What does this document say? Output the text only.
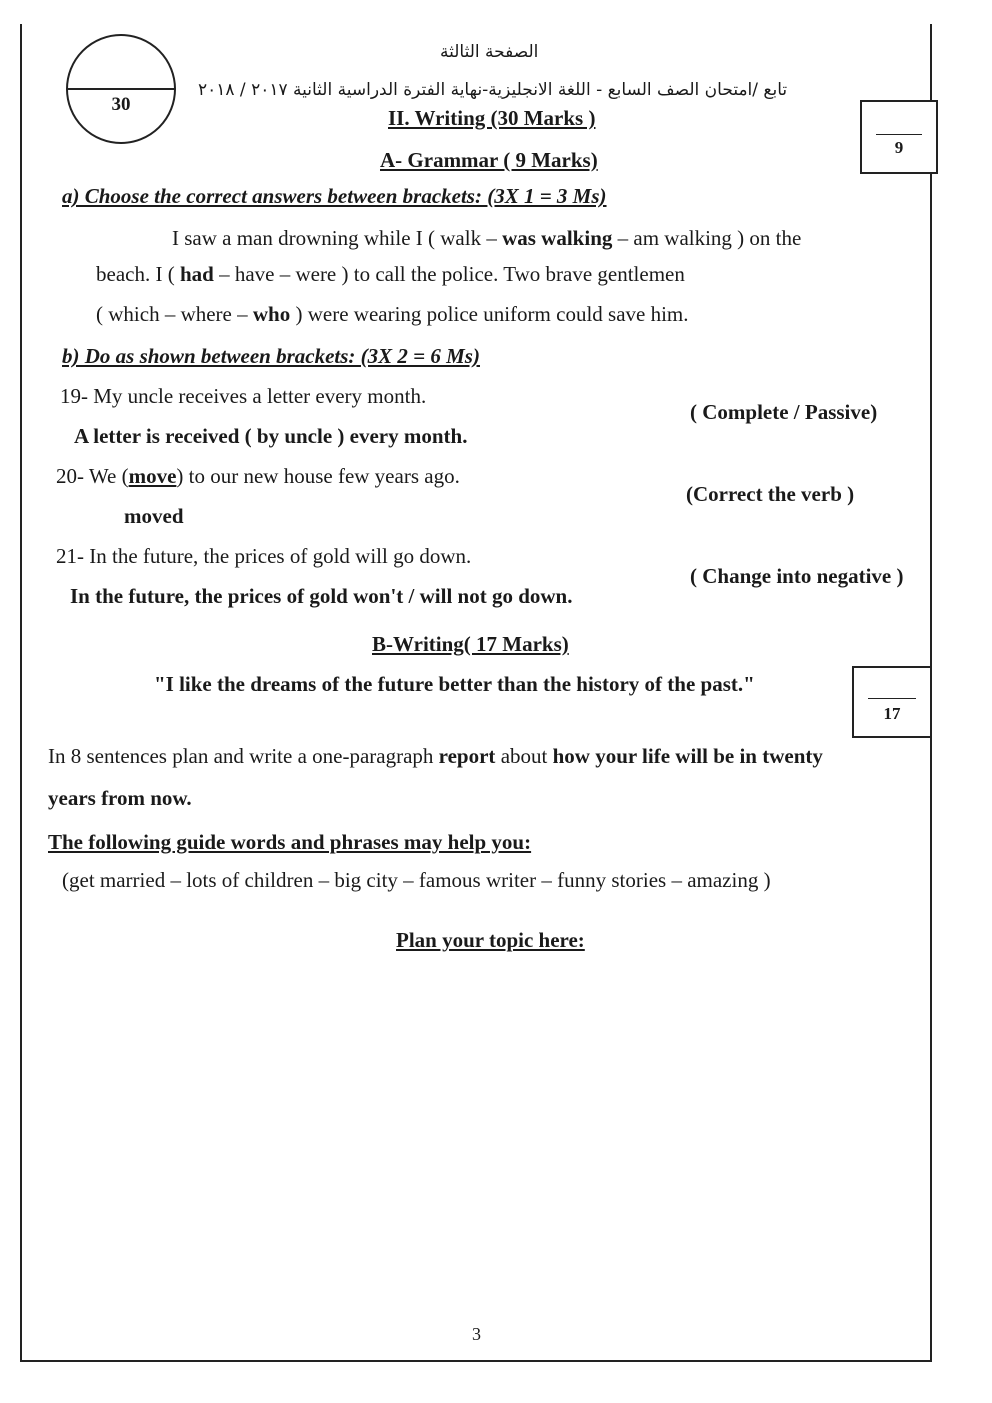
30
الصفحة الثالثة
تابع /امتحان الصف السابع - اللغة الانجليزية-نهاية الفترة الدراسية الثانية ٢٠١٧ / ٢٠١٨
II. Writing (30 Marks )
9
A- Grammar ( 9 Marks)
a) Choose the correct answers between brackets: (3X 1 = 3 Ms)
I saw a man drowning while I ( walk – was walking – am walking ) on the
beach. I ( had – have – were ) to call the police. Two brave gentlemen
( which – where – who ) were wearing police uniform could save him.
b) Do as shown between brackets: (3X 2 = 6 Ms)
19- My uncle receives a letter every month.
( Complete / Passive)
A letter is received ( by uncle ) every month.
20- We (move) to our new house few years ago.
(Correct the verb )
moved
21- In the future, the prices of gold will go down.
( Change into negative )
In the future, the prices of gold won't / will not go down.
B-Writing( 17 Marks)
17
"I like the dreams of the future better than the history of the past."
In 8 sentences plan and write a one-paragraph report about how your life will be in twenty
years from now.
The following guide words and phrases may help you:
(get married – lots of children – big city – famous writer – funny stories – amazing )
Plan your topic here:
3
